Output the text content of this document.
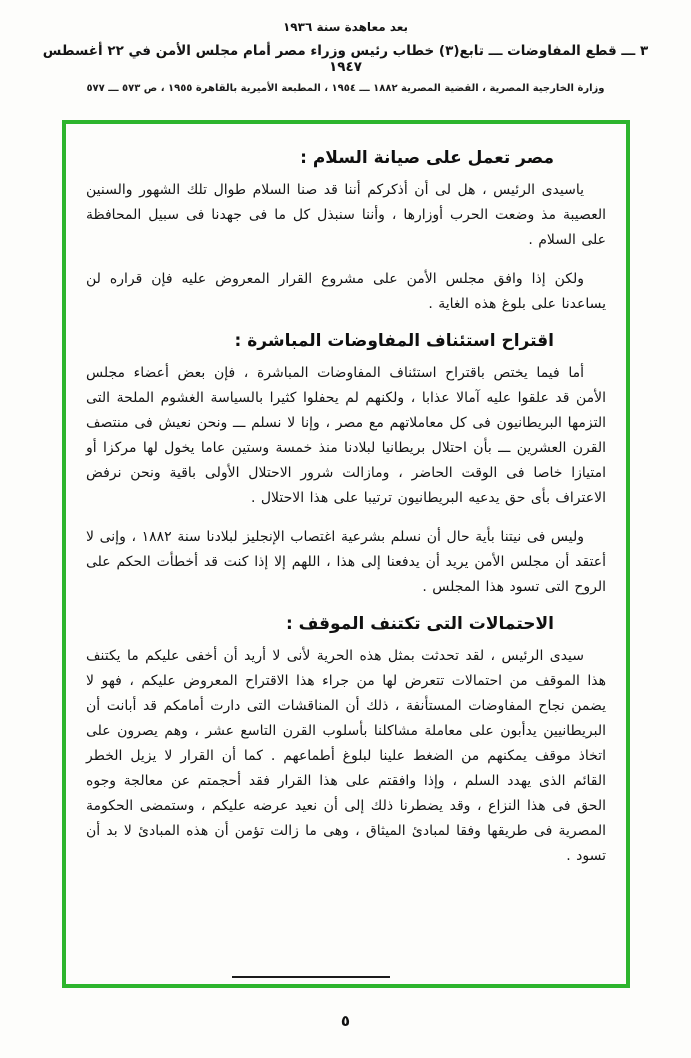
بعد معاهدة سنة ١٩٣٦
٣ ـــ قطع المفاوضات ـــ تابع(٣) خطاب رئيس وزراء مصر أمام مجلس الأمن في ٢٢ أغسطس ١٩٤٧
وزارة الخارجية المصرية ، القضية المصرية ١٨٨٢ ـــ ١٩٥٤ ، المطبعة الأميرية بالقاهرة ١٩٥٥ ، ص ٥٧٣ ـــ ٥٧٧
مصر تعمل على صيانة السلام :

ياسيدى الرئيس ، هل لى أن أذكركم أننا قد صنا السلام طوال تلك الشهور والسنين العصيبة مذ وضعت الحرب أوزارها ، وأننا سنبذل كل ما فى جهدنا فى سبيل المحافظة على السلام .

ولكن إذا وافق مجلس الأمن على مشروع القرار المعروض عليه فإن قراره لن يساعدنا على بلوغ هذه الغاية .

اقتراح استئناف المفاوضات المباشرة :

أما فيما يختص باقتراح استئناف المفاوضات المباشرة ، فإن بعض أعضاء مجلس الأمن قد علقوا عليه آمالا عذابا ، ولكنهم لم يحفلوا كثيرا بالسياسة الغشوم الملحة التى التزمها البريطانيون فى كل معاملاتهم مع مصر ، وإنا لا نسلم ـــ ونحن نعيش فى منتصف القرن العشرين ـــ بأن احتلال بريطانيا لبلادنا منذ خمسة وستين عاما يخول لها مركزا أو امتيازا خاصا فى الوقت الحاضر ، ومازالت شرور الاحتلال الأولى باقية ونحن نرفض الاعتراف بأى حق يدعيه البريطانيون ترتيبا على هذا الاحتلال .

وليس فى نيتنا بأية حال أن نسلم بشرعية اغتصاب الإنجليز لبلادنا سنة ١٨٨٢ ، وإنى لا أعتقد أن مجلس الأمن يريد أن يدفعنا إلى هذا ، اللهم إلا إذا كنت قد أخطأت الحكم على الروح التى تسود هذا المجلس .

الاحتمالات التى تكتنف الموقف :

سيدى الرئيس ، لقد تحدثت بمثل هذه الحرية لأنى لا أريد أن أخفى عليكم ما يكتنف هذا الموقف من احتمالات تتعرض لها من جراء هذا الاقتراح المعروض عليكم ، فهو لا يضمن نجاح المفاوضات المستأنفة ، ذلك أن المناقشات التى دارت أمامكم قد أبانت أن البريطانيين يدأبون على معاملة مشاكلنا بأسلوب القرن التاسع عشر ، وهم يصرون على اتخاذ موقف يمكنهم من الضغط علينا لبلوغ أطماعهم . كما أن القرار لا يزيل الخطر القائم الذى يهدد السلم ، وإذا وافقتم على هذا القرار فقد أحجمتم عن معالجة وجوه الحق فى هذا النزاع ، وقد يضطرنا ذلك إلى أن نعيد عرضه عليكم ، وستمضى الحكومة المصرية فى طريقها وفقا لمبادئ الميثاق ، وهى ما زالت تؤمن أن هذه المبادئ لا بد أن تسود .

٥
